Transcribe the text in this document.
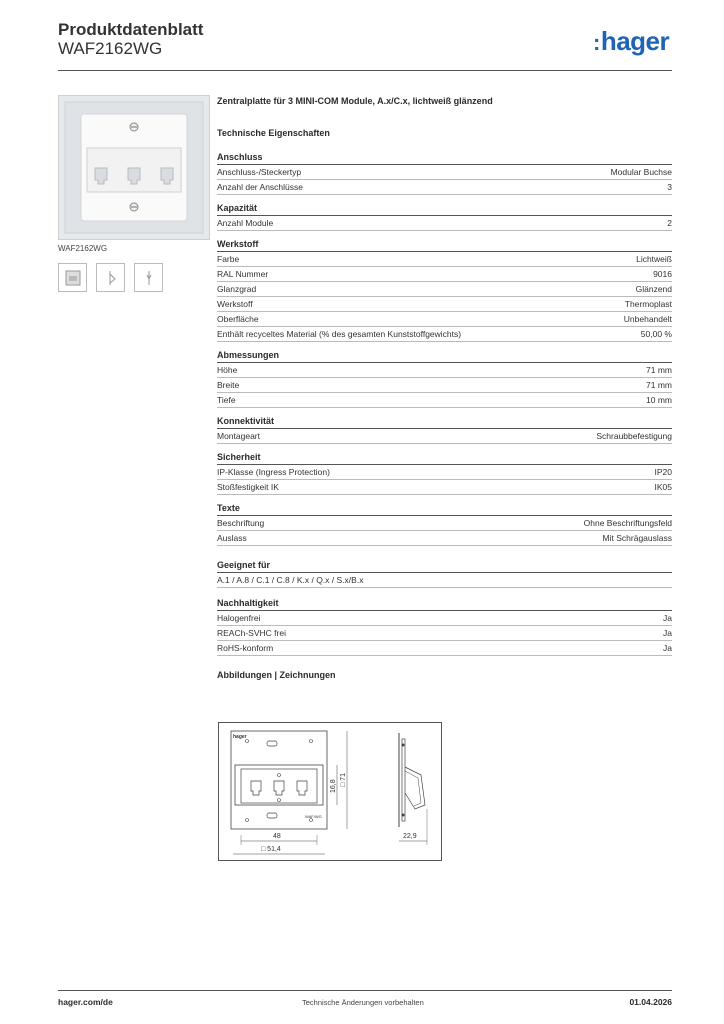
Produktdatenblatt
WAF2162WG	:hager
WAF2162WG
Zentralplatte für 3 MINI-COM Module, A.x/C.x, lichtweiß glänzend
Technische Eigenschaften
Anschluss
Anschluss-/Steckertyp	Modular Buchse
Anzahl der Anschlüsse	3
Kapazität
Anzahl Module	2
Werkstoff
Farbe	Lichtweiß
RAL Nummer	9016
Glanzgrad	Glänzend
Werkstoff	Thermoplast
Oberfläche	Unbehandelt
Enthält recyceltes Material (% des gesamten Kunststoffgewichts)	50,00 %
Abmessungen
Höhe	71 mm
Breite	71 mm
Tiefe	10 mm
Konnektivität
Montageart	Schraubbefestigung
Sicherheit
IP-Klasse (Ingress Protection)	IP20
Stoßfestigkeit IK	IK05
Texte
Beschriftung	Ohne Beschriftungsfeld
Auslass	Mit Schrägauslass
Geeignet für
A.1 / A.8 / C.1 / C.8 / K.x / Q.x / S.x/B.x
Nachhaltigkeit
Halogenfrei	Ja
REACh-SVHC frei	Ja
RoHS-konform	Ja
Abbildungen | Zeichnungen
hager
WAF/WG
48
□ 51,4
16,8 □ 71
22,9
hager.com/de	Technische Änderungen vorbehalten	01.04.2026
